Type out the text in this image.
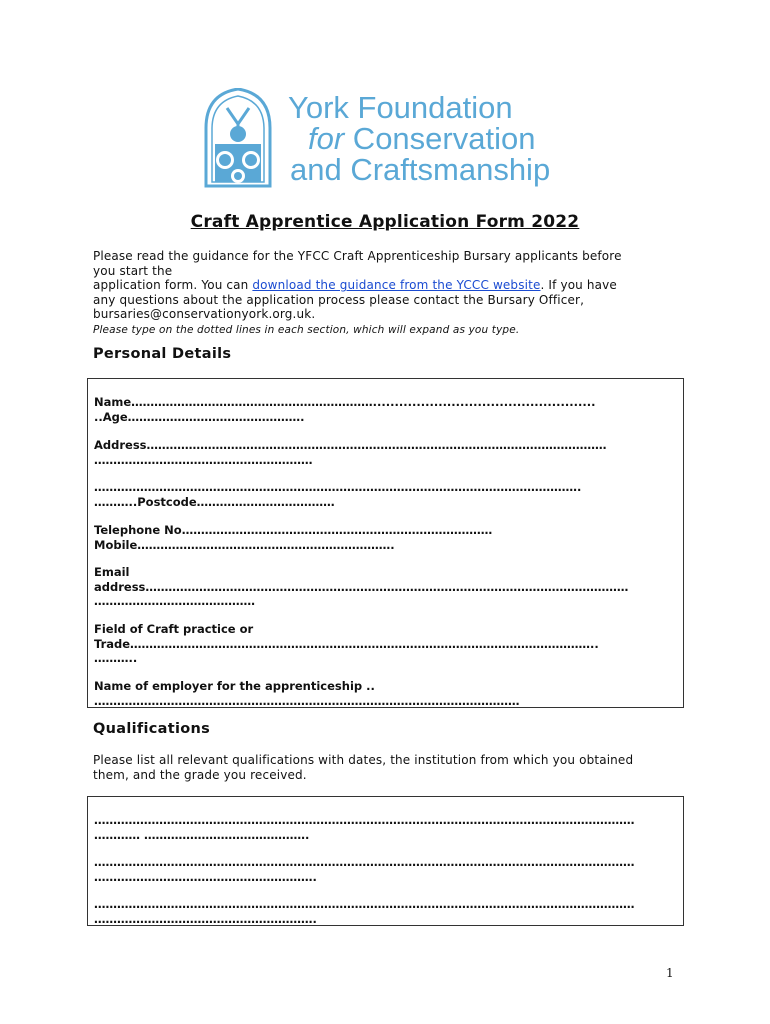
York Foundation
for Conservation
and Craftsmanship
Craft Apprentice Application Form 2022

Please read the guidance for the YFCC Craft Apprenticeship Bursary applicants before

you start the

application form. You can download the guidance from the YCCC website. If you have

any questions about the application process please contact the Bursary Officer,

bursaries@conservationyork.org.uk.

Please type on the dotted lines in each section, which will expand as you type.

Personal Details
Name………………………………………………………...................................................
..Age……………………………………….
Address…………………………………………………………………………………………………………
…………………………………………………
……………………………………………………………………………………………………………….
………..Postcode………………………………
Telephone No………………………………………………………………………
Mobile………………………………………………………….
Email
address………………………………………………………………………………………………………………
……………………………………
Field of Craft practice or
Trade…………………………………………………………………………………………………………..
………..
Name of employer for the apprenticeship ..
…………………………………………………………………………………………………
Qualifications
Please list all relevant qualifications with dates, the institution from which you obtained
them, and the grade you received.
……………………………………………………………………………………………………………………………
………… …………………………………….
……………………………………………………………………………………………………………………………
………………………………………………….
……………………………………………………………………………………………………………………………
………………………………………………….
1
